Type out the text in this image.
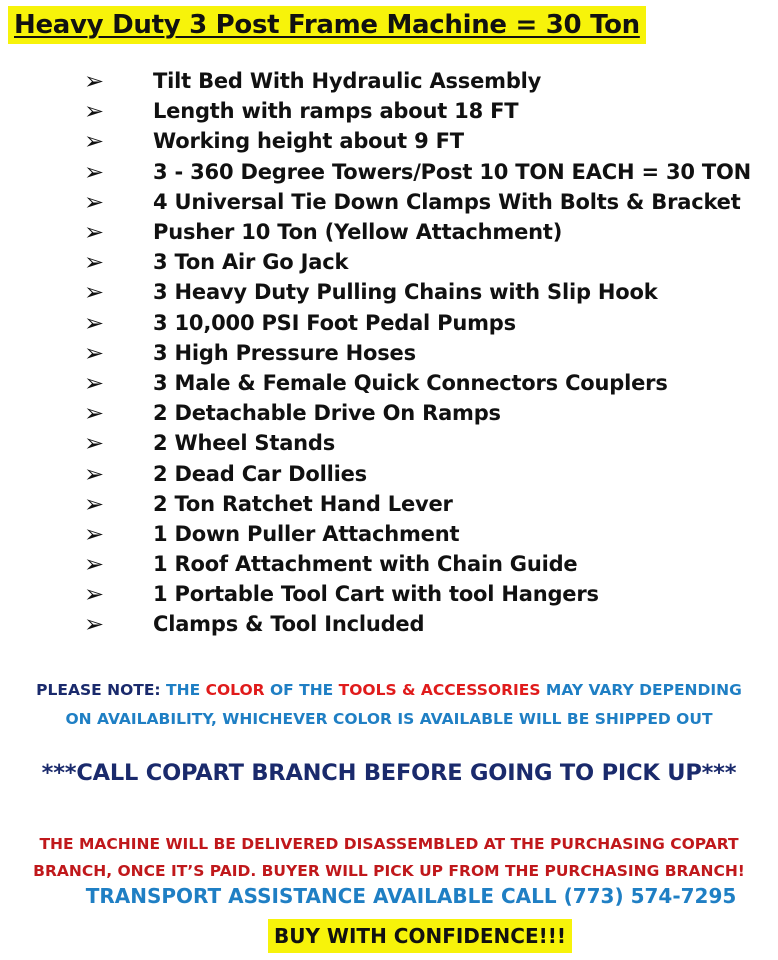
Heavy Duty 3 Post Frame Machine = 30 Ton
➢	Tilt Bed With Hydraulic Assembly
➢	Length with ramps about 18 FT
➢	Working height about 9 FT
➢	3 - 360 Degree Towers/Post 10 TON EACH = 30 TON
➢	4 Universal Tie Down Clamps With Bolts & Bracket
➢	Pusher 10 Ton (Yellow Attachment)
➢	3 Ton Air Go Jack
➢	3 Heavy Duty Pulling Chains with Slip Hook
➢	3 10,000 PSI Foot Pedal Pumps
➢	3 High Pressure Hoses
➢	3 Male & Female Quick Connectors Couplers
➢	2 Detachable Drive On Ramps
➢	2 Wheel Stands
➢	2 Dead Car Dollies
➢	2 Ton Ratchet Hand Lever
➢	1 Down Puller Attachment
➢	1 Roof Attachment with Chain Guide
➢	1 Portable Tool Cart with tool Hangers
➢	Clamps & Tool Included
PLEASE NOTE: THE COLOR OF THE TOOLS & ACCESSORIES MAY VARY DEPENDING
ON AVAILABILITY, WHICHEVER COLOR IS AVAILABLE WILL BE SHIPPED OUT
***CALL COPART BRANCH BEFORE GOING TO PICK UP***
THE MACHINE WILL BE DELIVERED DISASSEMBLED AT THE PURCHASING COPART
BRANCH, ONCE IT’S PAID. BUYER WILL PICK UP FROM THE PURCHASING BRANCH!
TRANSPORT ASSISTANCE AVAILABLE CALL (773) 574-7295
BUY WITH CONFIDENCE!!!
